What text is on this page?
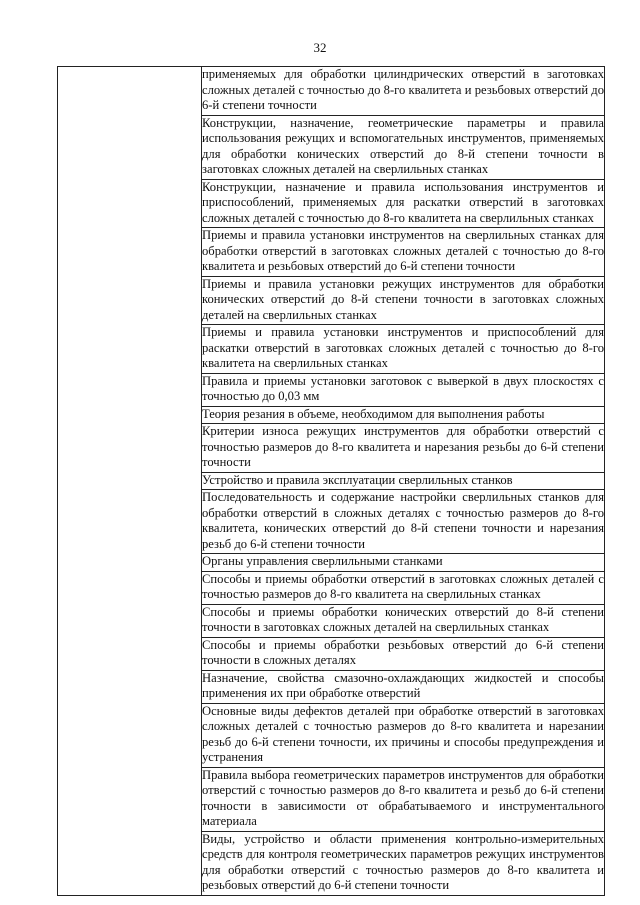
32

применяемых для обработки цилиндрических отверстий в заготовках сложных деталей с точностью до 8-го квалитета и резьбовых отверстий до 6-й степени точности
Конструкции, назначение, геометрические параметры и правила использования режущих и вспомогательных инструментов, применяемых для обработки конических отверстий до 8-й степени точности в заготовках сложных деталей на сверлильных станках
Конструкции, назначение и правила использования инструментов и приспособлений, применяемых для раскатки отверстий в заготовках сложных деталей с точностью до 8-го квалитета на сверлильных станках
Приемы и правила установки инструментов на сверлильных станках для обработки отверстий в заготовках сложных деталей с точностью до 8-го квалитета и резьбовых отверстий до 6-й степени точности
Приемы и правила установки режущих инструментов для обработки конических отверстий до 8-й степени точности в заготовках сложных деталей на сверлильных станках
Приемы и правила установки инструментов и приспособлений для раскатки отверстий в заготовках сложных деталей с точностью до 8-го квалитета на сверлильных станках
Правила и приемы установки заготовок с выверкой в двух плоскостях с точностью до 0,03 мм
Теория резания в объеме, необходимом для выполнения работы
Критерии износа режущих инструментов для обработки отверстий с точностью размеров до 8-го квалитета и нарезания резьбы до 6-й степени точности
Устройство и правила эксплуатации сверлильных станков
Последовательность и содержание настройки сверлильных станков для обработки отверстий в сложных деталях с точностью размеров до 8-го квалитета, конических отверстий до 8-й степени точности и нарезания резьб до 6-й степени точности
Органы управления сверлильными станками
Способы и приемы обработки отверстий в заготовках сложных деталей с точностью размеров до 8-го квалитета на сверлильных станках
Способы и приемы обработки конических отверстий до 8-й степени точности в заготовках сложных деталей на сверлильных станках
Способы и приемы обработки резьбовых отверстий до 6-й степени точности в сложных деталях
Назначение, свойства смазочно-охлаждающих жидкостей и способы применения их при обработке отверстий
Основные виды дефектов деталей при обработке отверстий в заготовках сложных деталей с точностью размеров до 8-го квалитета и нарезании резьб до 6-й степени точности, их причины и способы предупреждения и устранения
Правила выбора геометрических параметров инструментов для обработки отверстий с точностью размеров до 8-го квалитета и резьб до 6-й степени точности в зависимости от обрабатываемого и инструментального материала
Виды, устройство и области применения контрольно-измерительных средств для контроля геометрических параметров режущих инструментов для обработки отверстий с точностью размеров до 8-го квалитета и резьбовых отверстий до 6-й степени точности
